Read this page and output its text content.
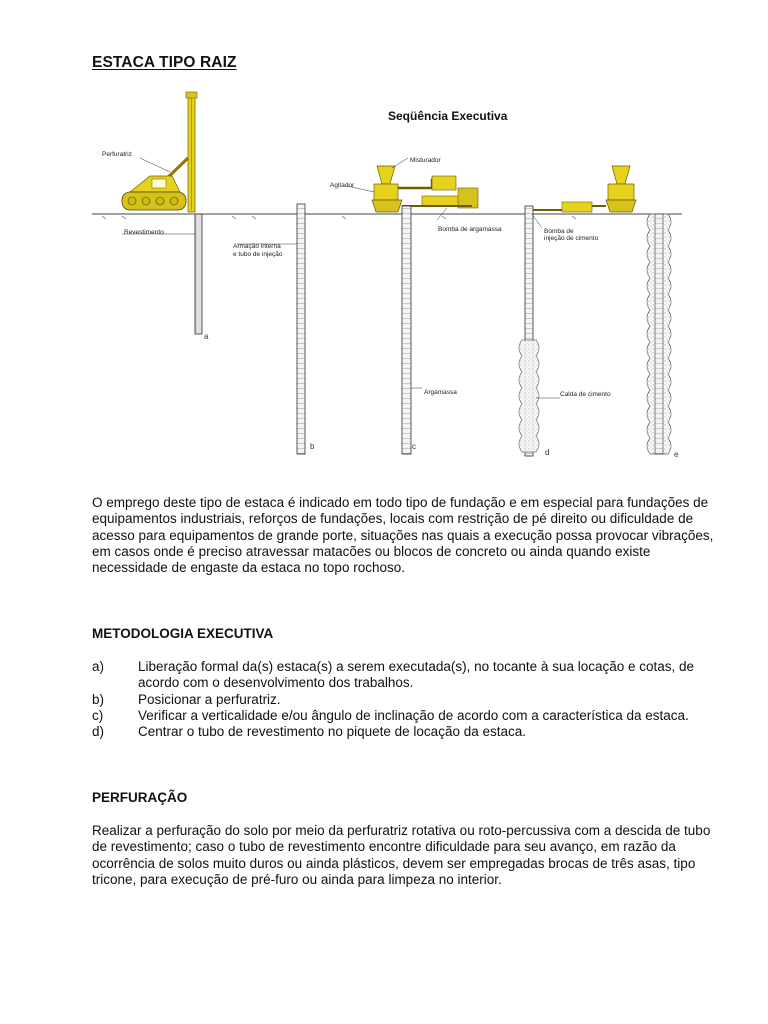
ESTACA TIPO RAIZ
Seqüência Executiva
Perfuratriz
Revestimento
Misturador
Agitador
Bomba de argamassa
Armação interna
e tubo de injeção
Bomba de
injeção de cimento
Argamassa	Calda de cimento
a
b	c
d	e

O emprego deste tipo de estaca é indicado em todo tipo de fundação e em especial para fundações de equipamentos industriais, reforços de fundações, locais com restrição de pé direito ou dificuldade de acesso para equipamentos de grande porte, situações nas quais a execução possa provocar vibrações, em casos onde é preciso atravessar matacões ou blocos de concreto ou ainda quando existe necessidade de engaste da estaca no topo rochoso.

METODOLOGIA EXECUTIVA
a)	Liberação formal da(s) estaca(s) a serem executada(s), no tocante à sua locação e cotas, de acordo com o desenvolvimento dos trabalhos.
b)	Posicionar a perfuratriz.
c)	Verificar a verticalidade e/ou ângulo de inclinação de acordo com a característica da estaca.
d)	Centrar o tubo de revestimento no piquete de locação da estaca.
PERFURAÇÃO

Realizar a perfuração do solo por meio da perfuratriz rotativa ou roto-percussiva com a descida de tubo de revestimento; caso o tubo de revestimento encontre dificuldade para seu avanço, em razão da ocorrência de solos muito duros ou ainda plásticos, devem ser empregadas brocas de três asas, tipo tricone, para execução de pré-furo ou ainda para limpeza no interior.
